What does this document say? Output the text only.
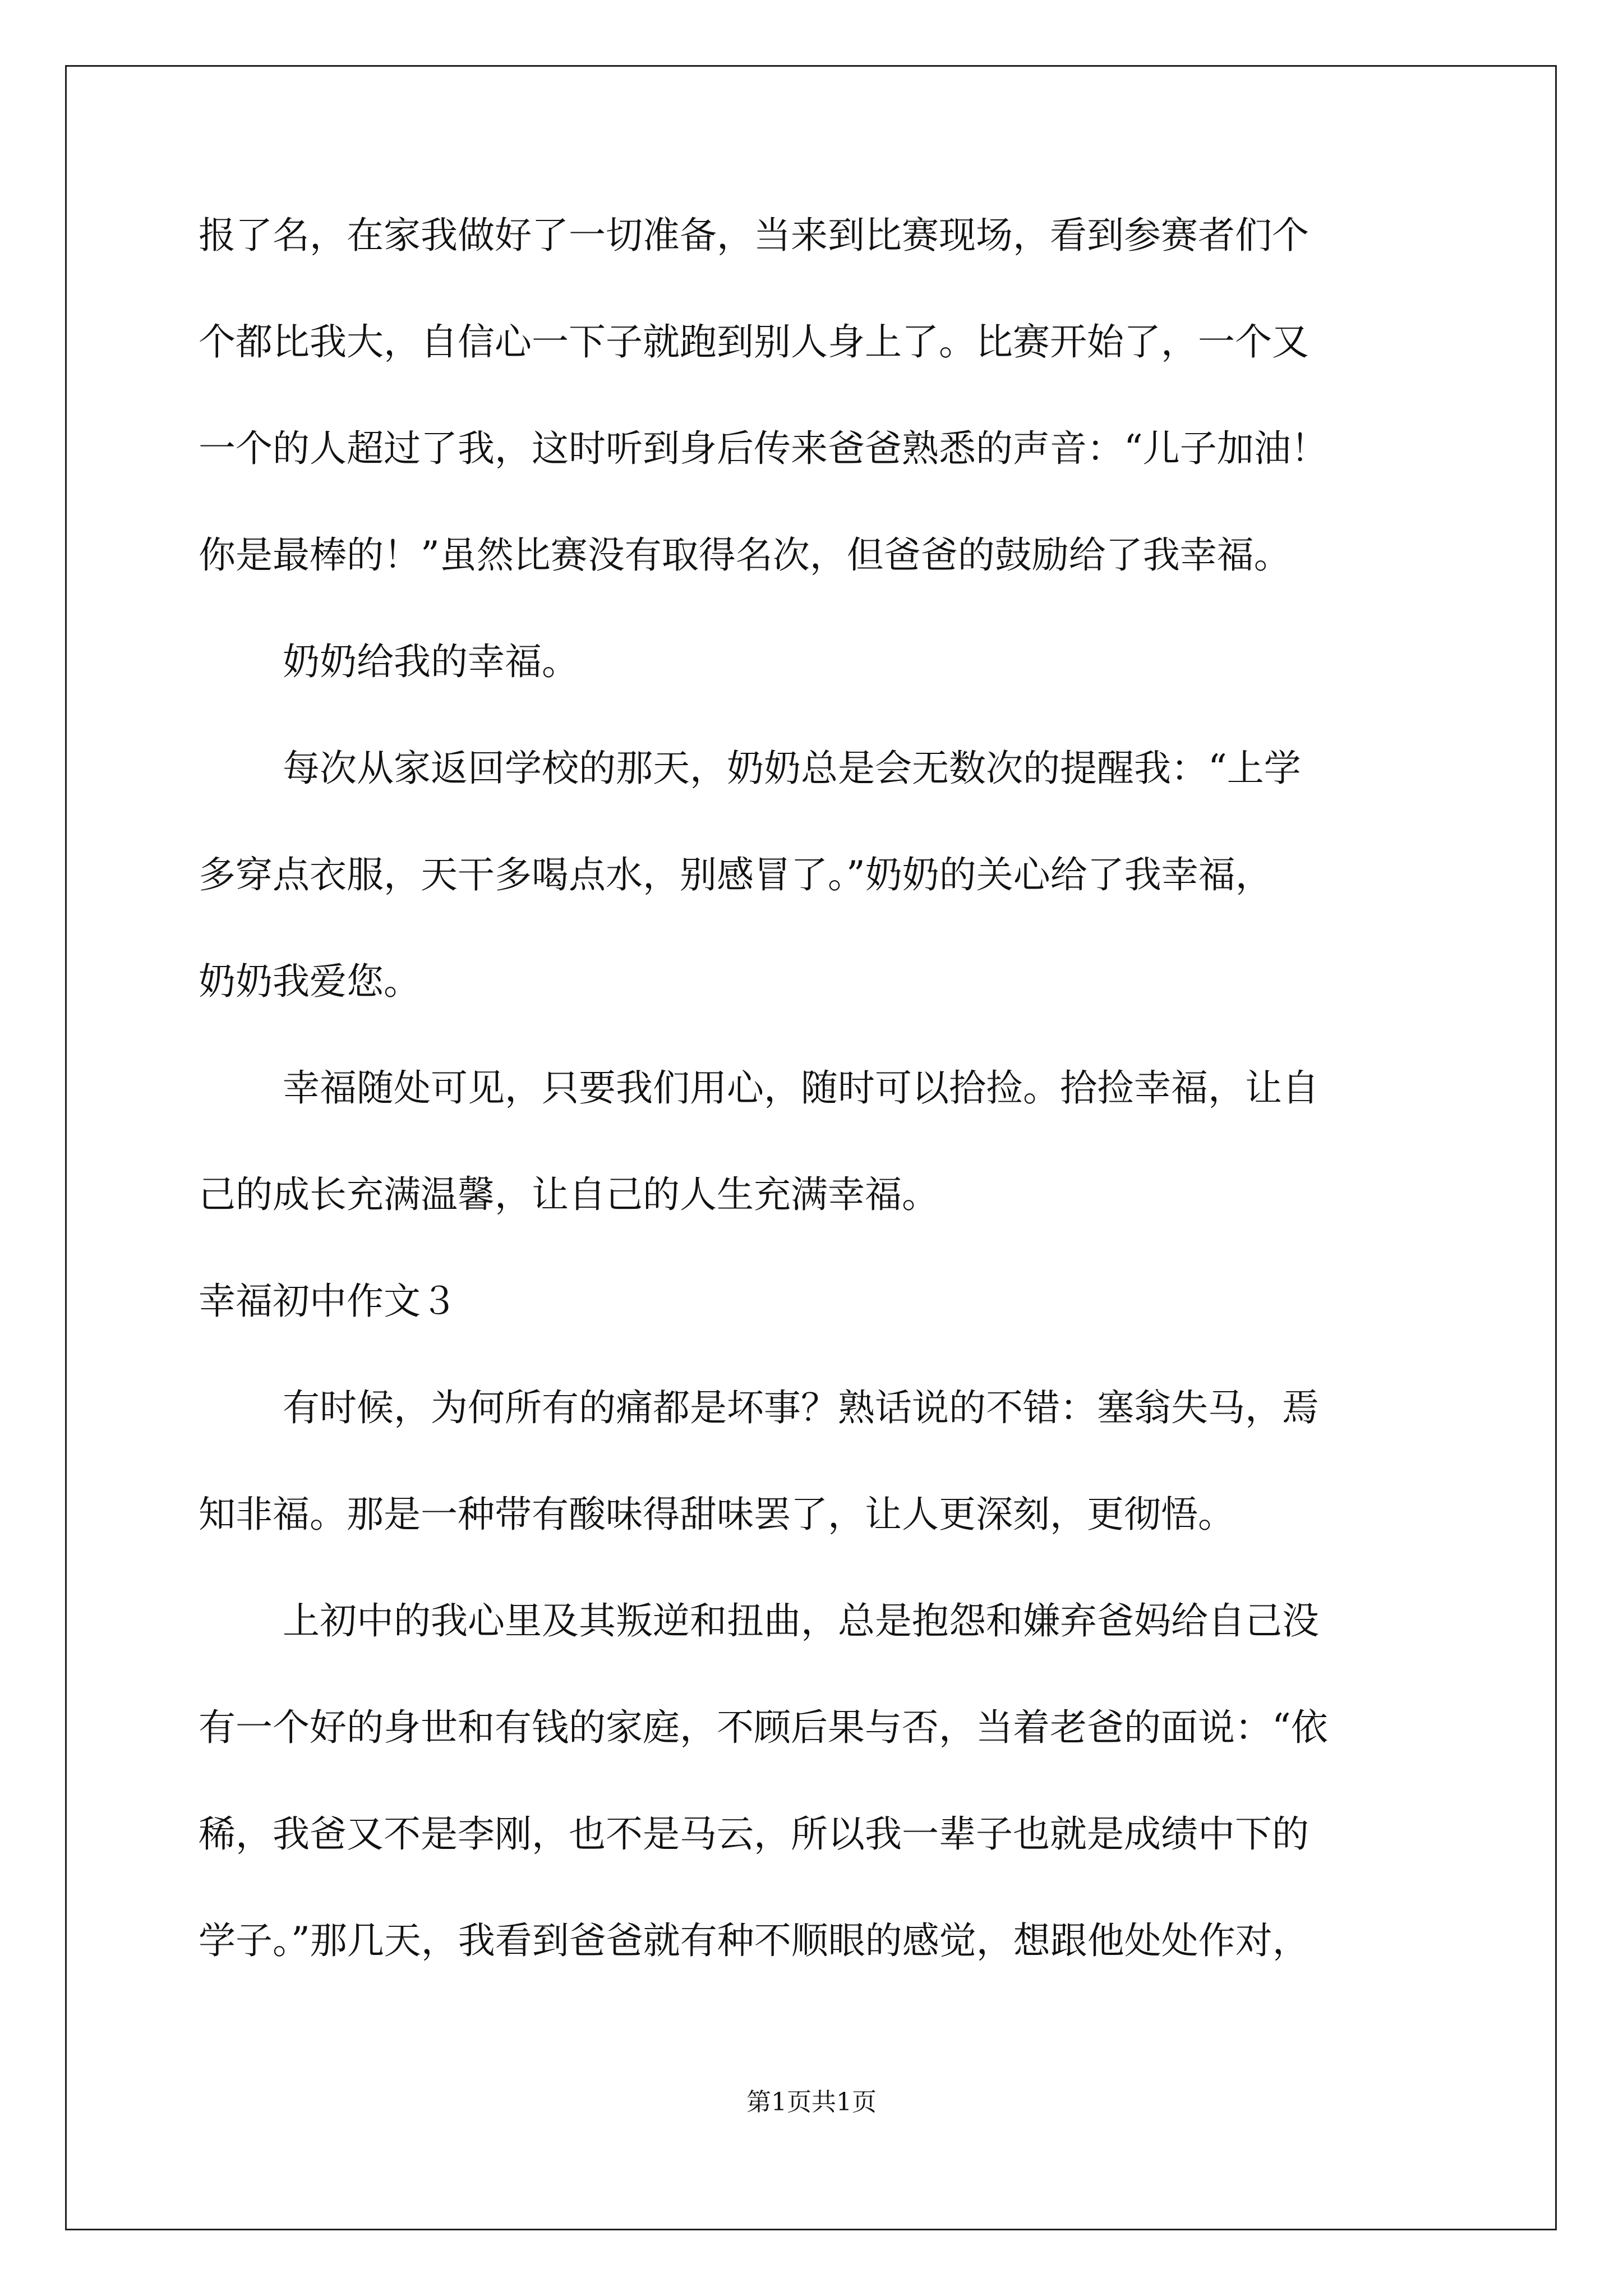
报了名，在家我做好了一切准备，当来到比赛现场，看到参赛者们个
个都比我大，自信心一下子就跑到别人身上了。比赛开始了，一个又
一个的人超过了我，这时听到身后传来爸爸熟悉的声音：“儿子加油！
你是最棒的！”虽然比赛没有取得名次，但爸爸的鼓励给了我幸福。
奶奶给我的幸福。
每次从家返回学校的那天，奶奶总是会无数次的提醒我：“上学
多穿点衣服，天干多喝点水，别感冒了。”奶奶的关心给了我幸福，
奶奶我爱您。
幸福随处可见，只要我们用心，随时可以拾捡。拾捡幸福，让自
己的成长充满温馨，让自己的人生充满幸福。
幸福初中作文３
有时候，为何所有的痛都是坏事？熟话说的不错：塞翁失马，焉
知非福。那是一种带有酸味得甜味罢了，让人更深刻，更彻悟。
上初中的我心里及其叛逆和扭曲，总是抱怨和嫌弃爸妈给自己没
有一个好的身世和有钱的家庭，不顾后果与否，当着老爸的面说：“依
稀，我爸又不是李刚，也不是马云，所以我一辈子也就是成绩中下的
学子。”那几天，我看到爸爸就有种不顺眼的感觉，想跟他处处作对，
第1页共1页
